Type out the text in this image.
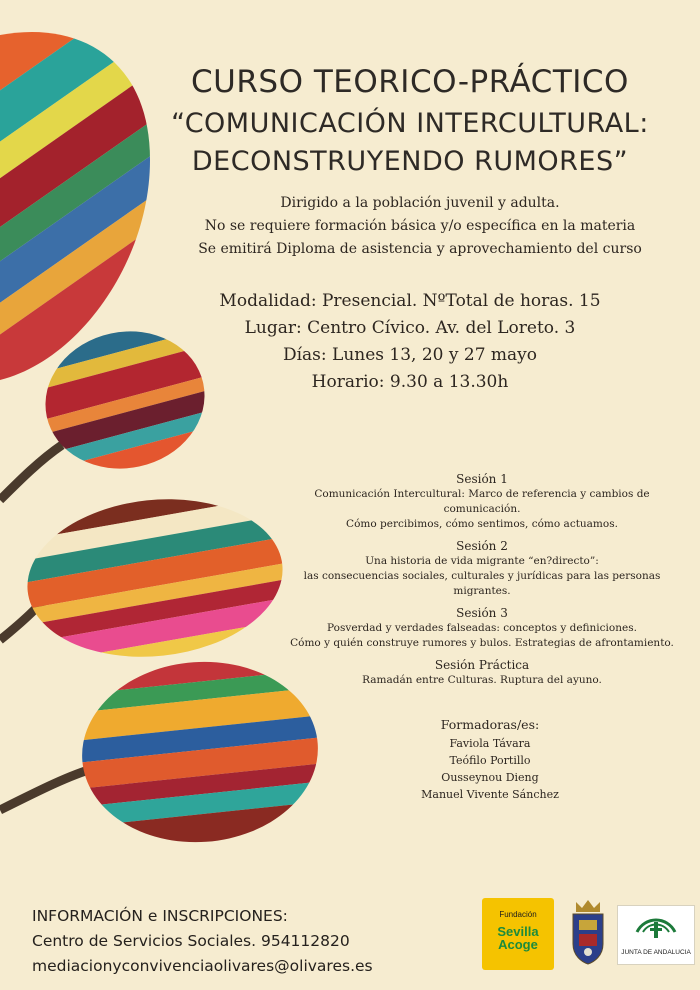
CURSO TEORICO-PRÁCTICO
“COMUNICACIÓN INTERCULTURAL:
DECONSTRUYENDO RUMORES”
Dirigido a la población juvenil y adulta.
No se requiere formación básica y/o específica en la materia
Se emitirá Diploma de asistencia y aprovechamiento del curso
Modalidad: Presencial. NºTotal de horas. 15
Lugar: Centro Cívico. Av. del Loreto. 3
Días: Lunes 13, 20 y 27 mayo
Horario: 9.30 a 13.30h
Sesión 1
Comunicación Intercultural: Marco de referencia y cambios de comunicación.
Cómo percibimos, cómo sentimos, cómo actuamos.
Sesión 2
Una historia de vida migrante “en?directo”:
las consecuencias sociales, culturales y jurídicas para las personas migrantes.
Sesión 3
Posverdad y verdades falseadas: conceptos y definiciones.
Cómo y quién construye rumores y bulos. Estrategias de afrontamiento.
Sesión Práctica
Ramadán entre Culturas. Ruptura del ayuno.
Formadoras/es:
Faviola Távara
Teófilo Portillo
Ousseynou Dieng
Manuel Vivente Sánchez
INFORMACIÓN e INSCRIPCIONES:
Centro de Servicios Sociales. 954112820
mediacionyconvivenciaolivares@olivares.es
Fundación
Sevilla
Acoge
JUNTA DE ANDALUCIA
